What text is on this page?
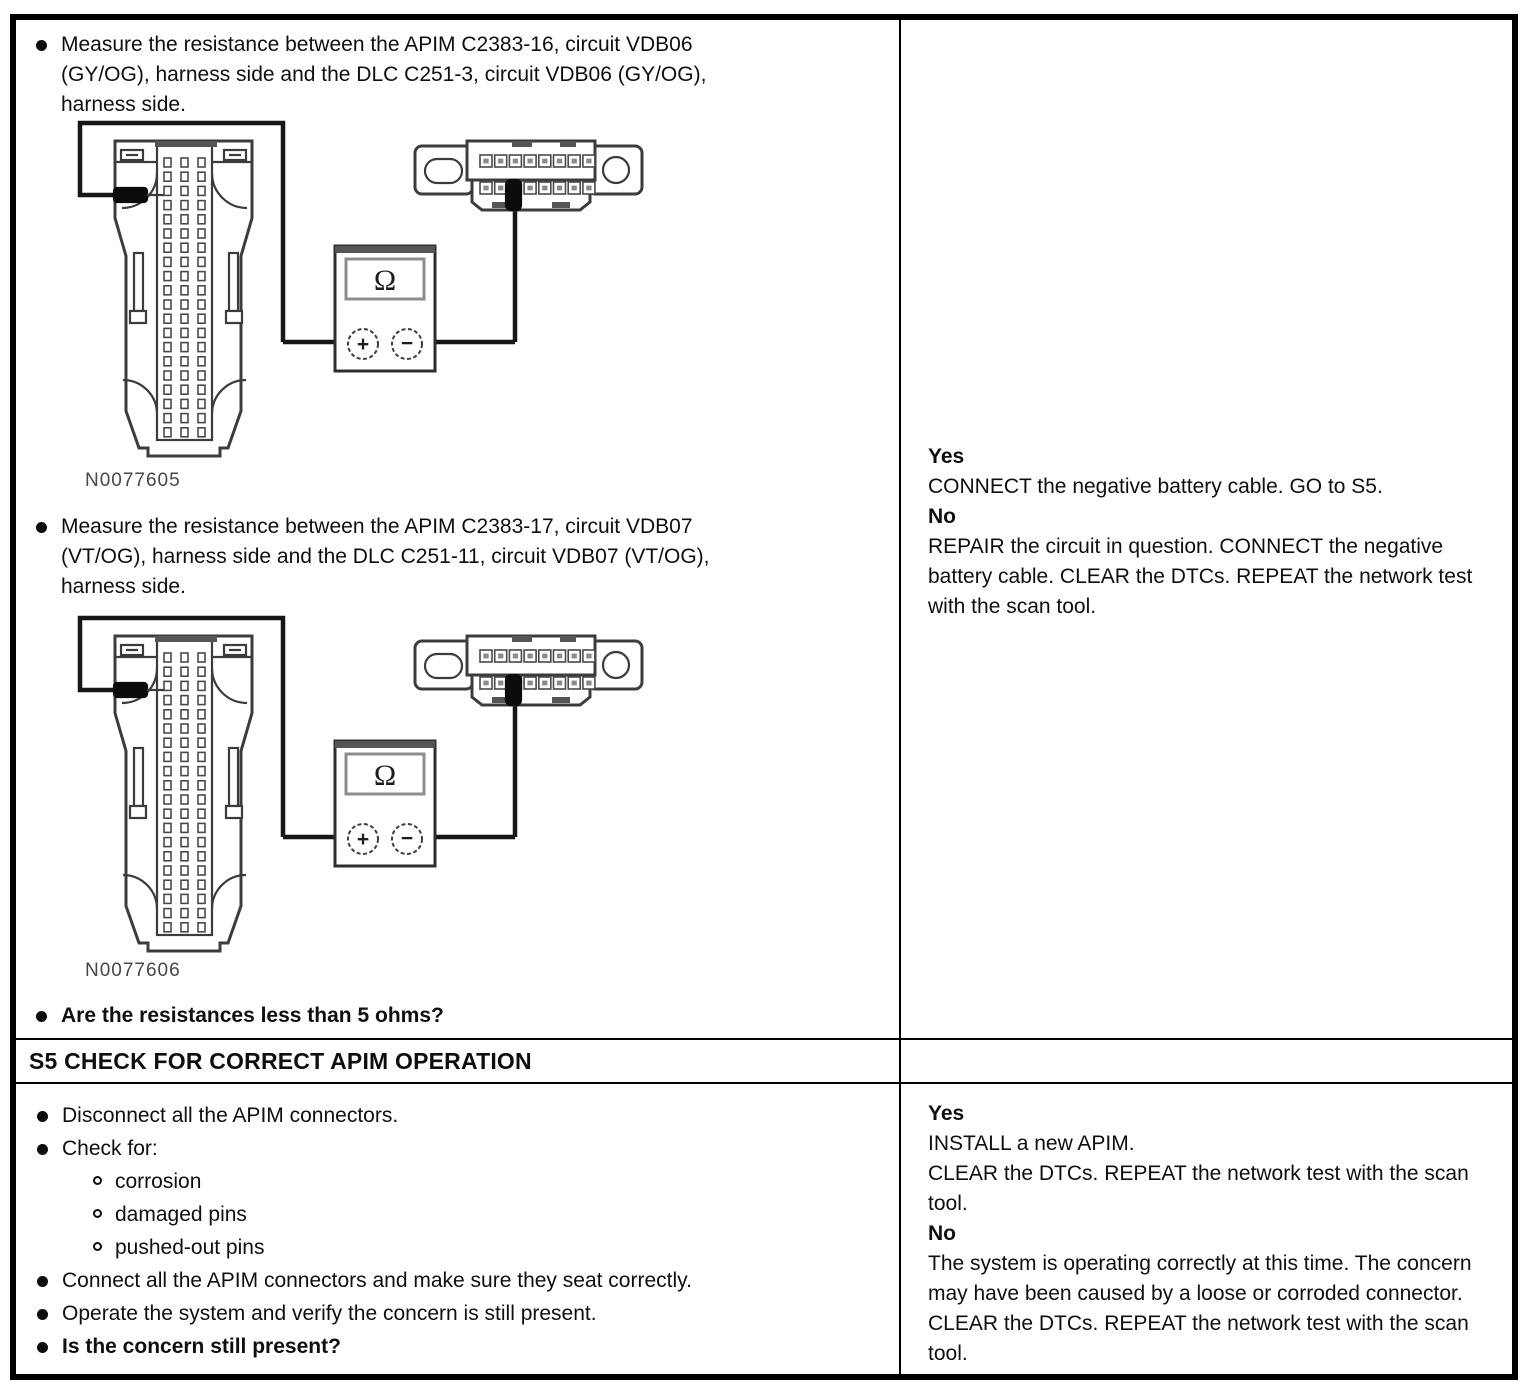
Measure the resistance between the APIM C2383-16, circuit VDB06 (GY/OG), harness side and the DLC C251-3, circuit VDB06 (GY/OG), harness side.
Ω
+ −
N0077605
Measure the resistance between the APIM C2383-17, circuit VDB07 (VT/OG), harness side and the DLC C251-11, circuit VDB07 (VT/OG), harness side.
Ω
+ −
N0077606
Are the resistances less than 5 ohms?
Yes
CONNECT the negative battery cable. GO to S5.
No
REPAIR the circuit in question. CONNECT the negative battery cable. CLEAR the DTCs. REPEAT the network test with the scan tool.
S5 CHECK FOR CORRECT APIM OPERATION
Disconnect all the APIM connectors.
Check for:
corrosion
damaged pins
pushed-out pins
Connect all the APIM connectors and make sure they seat correctly.
Operate the system and verify the concern is still present.
Is the concern still present?
Yes
INSTALL a new APIM.
CLEAR the DTCs. REPEAT the network test with the scan tool.
No
The system is operating correctly at this time. The concern may have been caused by a loose or corroded connector. CLEAR the DTCs. REPEAT the network test with the scan tool.
